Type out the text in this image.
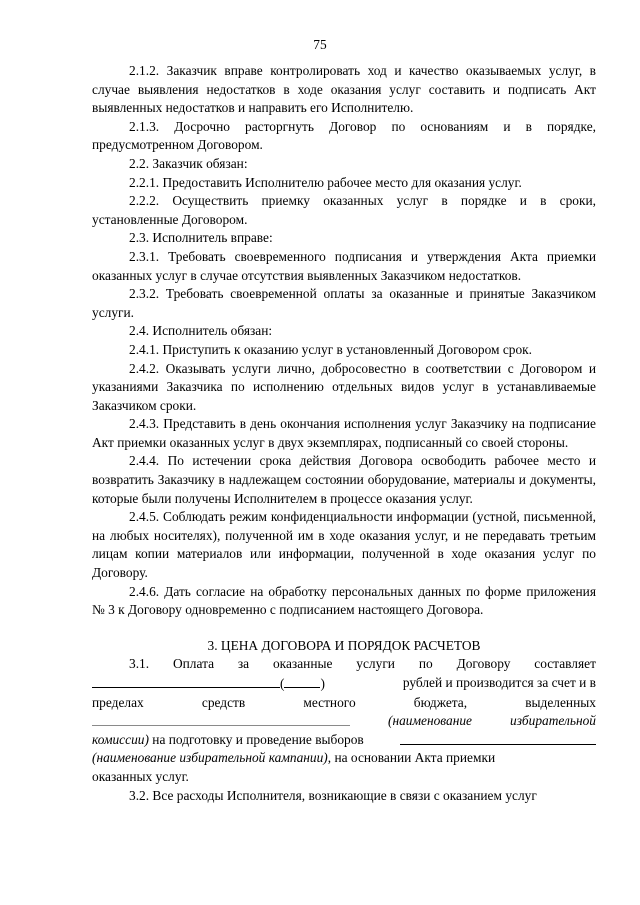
75

2.1.2. Заказчик вправе контролировать ход и качество оказываемых услуг, в случае выявления недостатков в ходе оказания услуг составить и подписать Акт выявленных недостатков и направить его Исполнителю.

2.1.3. Досрочно расторгнуть Договор по основаниям и в порядке, предусмотренном Договором.

2.2. Заказчик обязан:

2.2.1. Предоставить Исполнителю рабочее место для оказания услуг.

2.2.2. Осуществить приемку оказанных услуг в порядке и в сроки, установленные Договором.

2.3. Исполнитель вправе:

2.3.1. Требовать своевременного подписания и утверждения Акта приемки оказанных услуг в случае отсутствия выявленных Заказчиком недостатков.

2.3.2. Требовать своевременной оплаты за оказанные и принятые Заказчиком услуги.

2.4. Исполнитель обязан:

2.4.1. Приступить к оказанию услуг в установленный Договором срок.

2.4.2. Оказывать услуги лично, добросовестно в соответствии с Договором и указаниями Заказчика по исполнению отдельных видов услуг в устанавливаемые Заказчиком сроки.

2.4.3. Представить в день окончания исполнения услуг Заказчику на подписание Акт приемки оказанных услуг в двух экземплярах, подписанный со своей стороны.

2.4.4. По истечении срока действия Договора освободить рабочее место и возвратить Заказчику в надлежащем состоянии оборудование, материалы и документы, которые были получены Исполнителем в процессе оказания услуг.

2.4.5. Соблюдать режим конфиденциальности информации (устной, письменной, на любых носителях), полученной им в ходе оказания услуг, и не передавать третьим лицам копии материалов или информации, полученной в ходе оказания услуг по Договору.

2.4.6. Дать согласие на обработку персональных данных по форме приложения № 3 к Договору одновременно с подписанием настоящего Договора.

3. ЦЕНА ДОГОВОРА И ПОРЯДОК РАСЧЕТОВ
3.1. Оплата за оказанные услуги по Договору составляет
(	)	рублей и производится за счет и в
пределах	средств	местного	бюджета,	выделенных
(наименование	избирательной
комиссии) на подготовку и проведение выборов
(наименование избирательной кампании), на основании Акта приемки
оказанных услуг.

3.2. Все расходы Исполнителя, возникающие в связи с оказанием услуг
